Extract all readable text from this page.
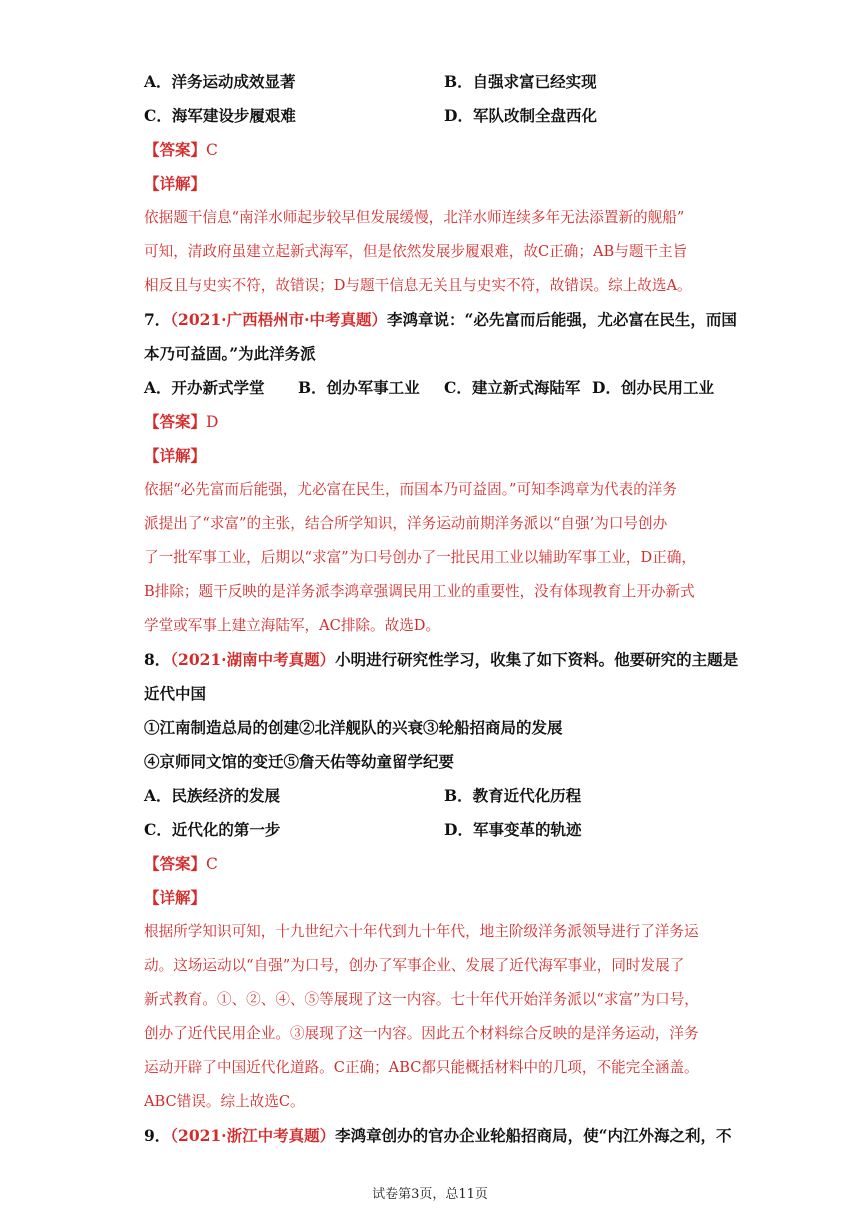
A．洋务运动成效显著	B．自强求富已经实现
C．海军建设步履艰难	D．军队改制全盘西化
【答案】C
【详解】
依据题干信息“南洋水师起步较早但发展缓慢，北洋水师连续多年无法添置新的舰船”
可知，清政府虽建立起新式海军，但是依然发展步履艰难，故C正确；AB与题干主旨
相反且与史实不符，故错误；D与题干信息无关且与史实不符，故错误。综上故选A。
7．（2021·广西梧州市·中考真题）李鸿章说：“必先富而后能强，尤必富在民生，而国
本乃可益固。”为此洋务派
A．开办新式学堂 B．创办军事工业 C．建立新式海陆军 D．创办民用工业
【答案】D
【详解】
依据“必先富而后能强，尤必富在民生，而国本乃可益固。”可知李鸿章为代表的洋务
派提出了“求富”的主张，结合所学知识，洋务运动前期洋务派以“自强’为口号创办
了一批军事工业，后期以“求富”为口号创办了一批民用工业以辅助军事工业，D正确，
B排除；题干反映的是洋务派李鸿章强调民用工业的重要性，没有体现教育上开办新式
学堂或军事上建立海陆军，AC排除。故选D。
8．（2021·湖南中考真题）小明进行研究性学习，收集了如下资料。他要研究的主题是
近代中国
①江南制造总局的创建②北洋舰队的兴衰③轮船招商局的发展
④京师同文馆的变迁⑤詹天佑等幼童留学纪要
A．民族经济的发展	B．教育近代化历程
C．近代化的第一步	D．军事变革的轨迹
【答案】C
【详解】
根据所学知识可知，十九世纪六十年代到九十年代，地主阶级洋务派领导进行了洋务运
动。这场运动以“自强”为口号，创办了军事企业、发展了近代海军事业，同时发展了
新式教育。①、②、④、⑤等展现了这一内容。七十年代开始洋务派以“求富”为口号，
创办了近代民用企业。③展现了这一内容。因此五个材料综合反映的是洋务运动，洋务
运动开辟了中国近代化道路。C正确；ABC都只能概括材料中的几项，不能完全涵盖。
ABC错误。综上故选C。
9．（2021·浙江中考真题）李鸿章创办的官办企业轮船招商局，使“内江外海之利，不
试卷第3页，总11页
